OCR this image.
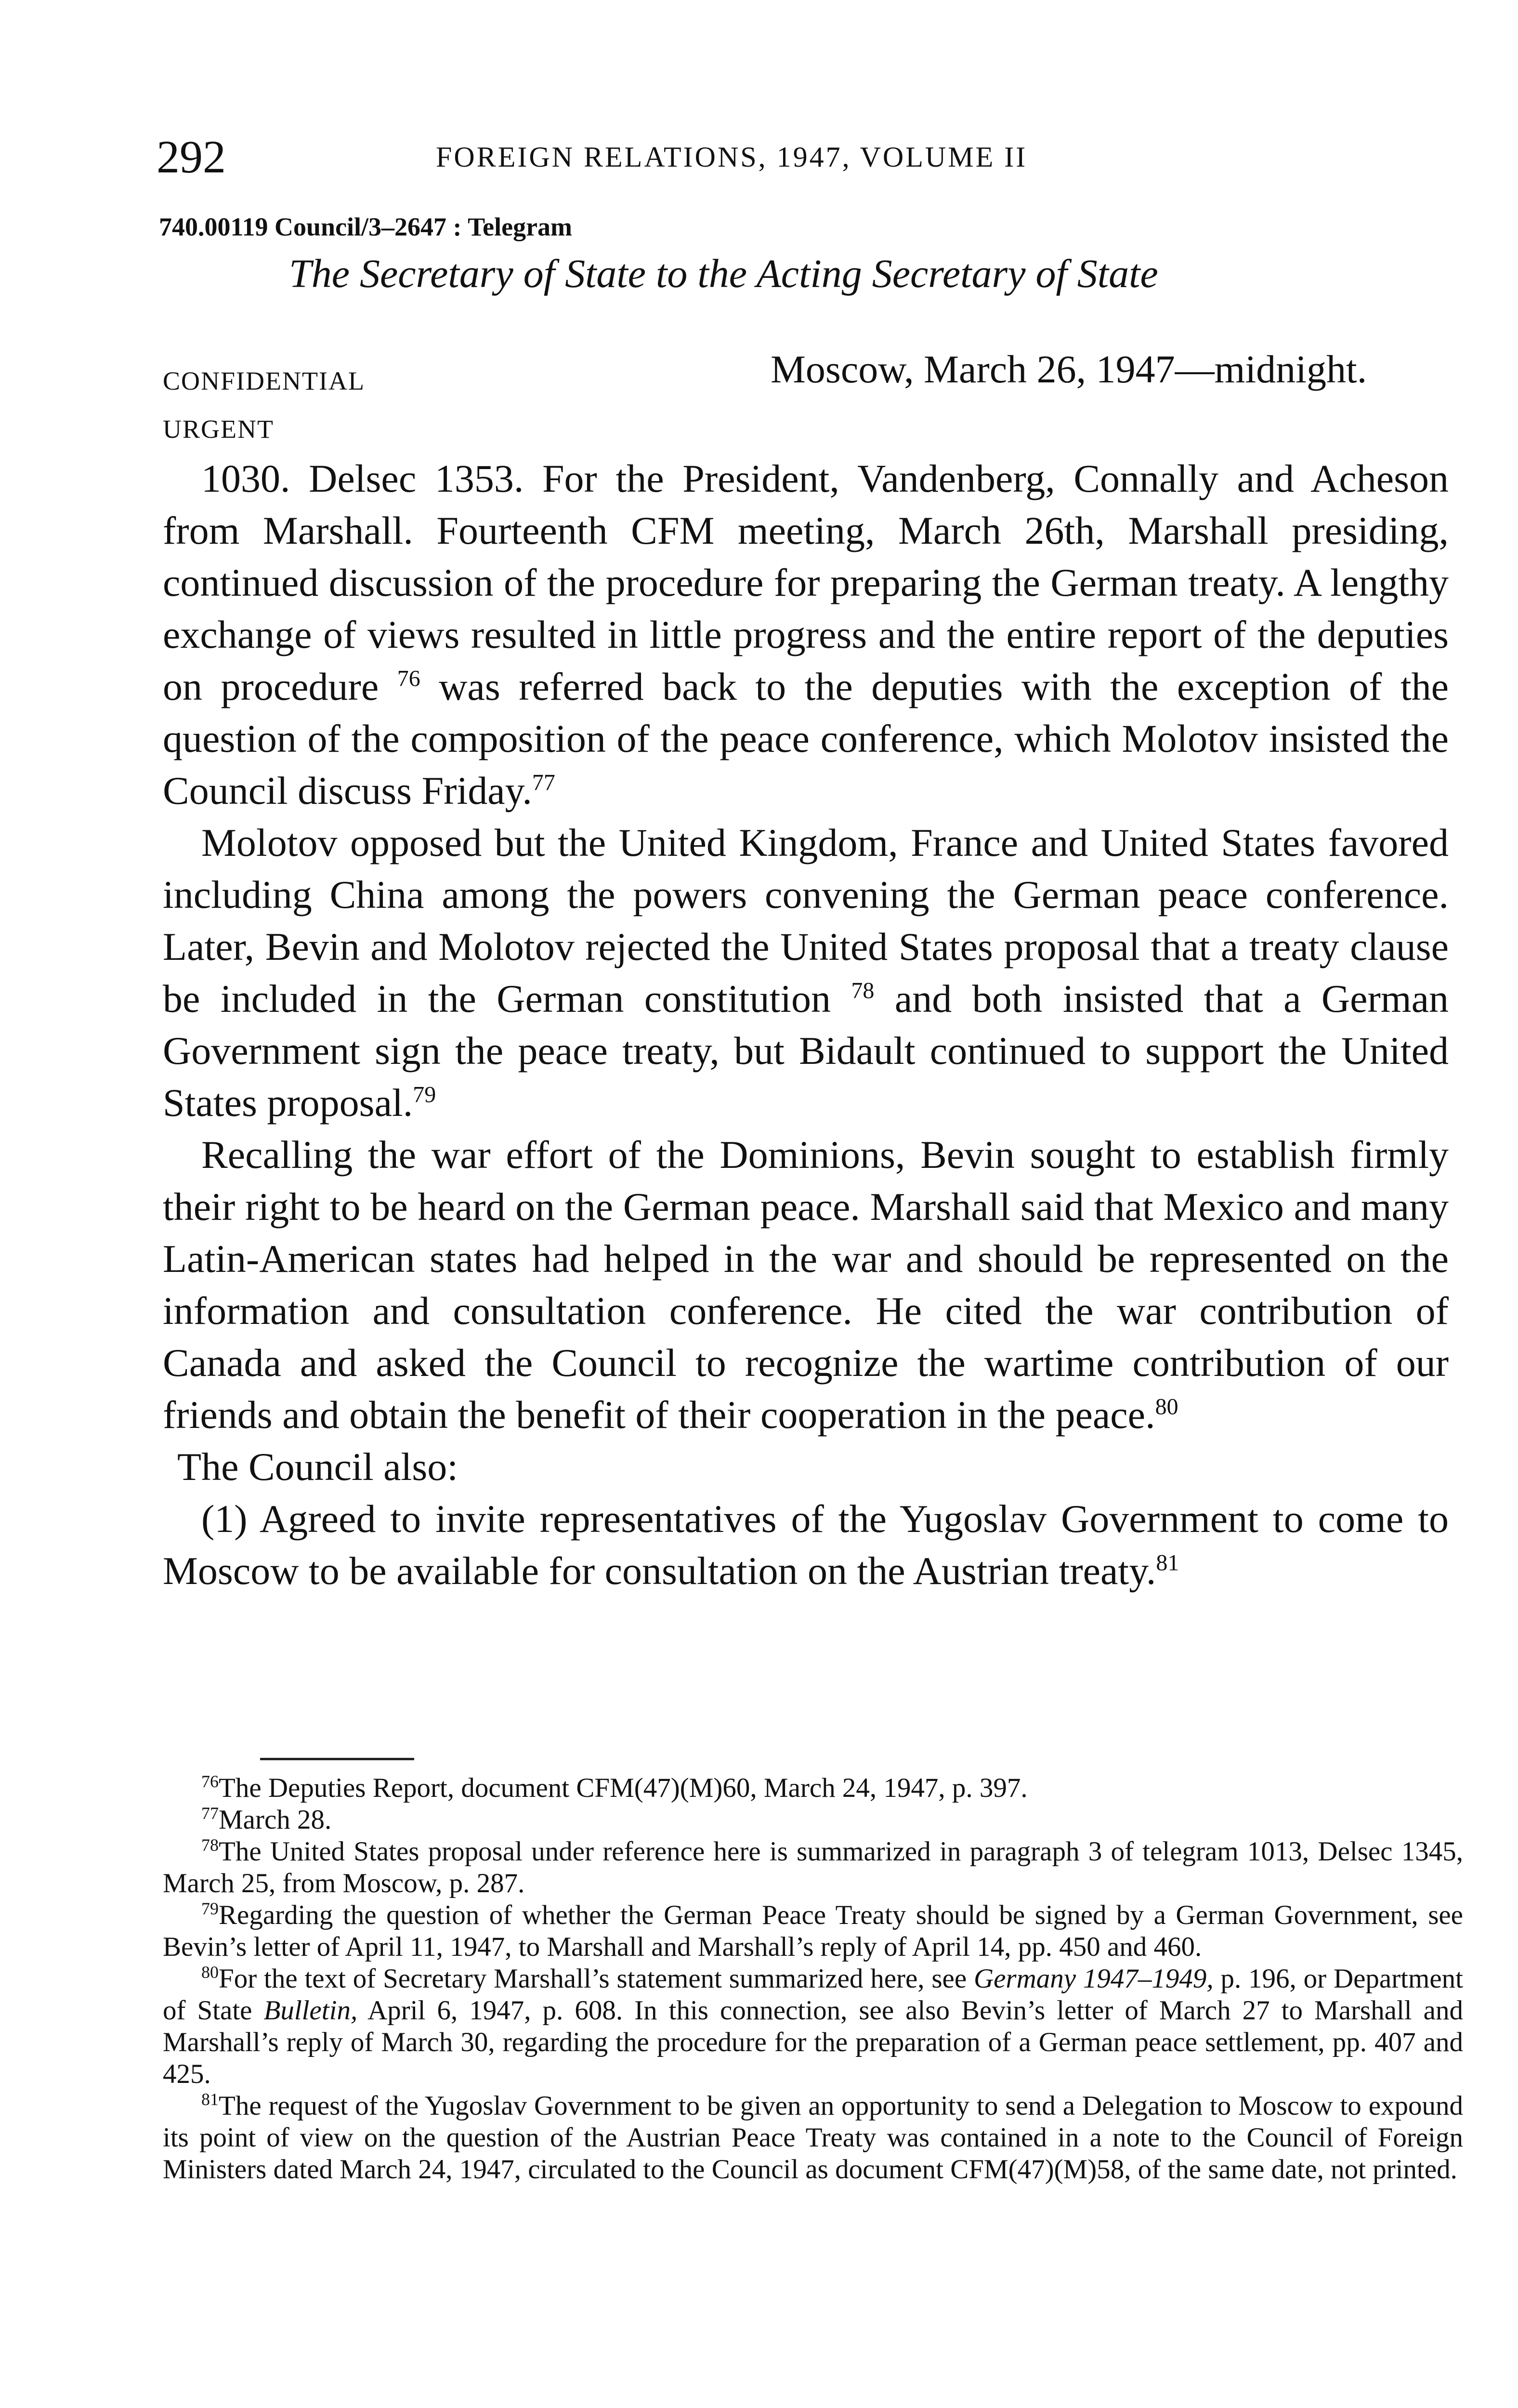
292	FOREIGN RELATIONS, 1947, VOLUME II
740.00119 Council/3–2647 : Telegram
The Secretary of State to the Acting Secretary of State
CONFIDENTIAL	Moscow, March 26, 1947—midnight.
URGENT

1030. Delsec 1353. For the President, Vandenberg, Connally and Acheson from Marshall. Fourteenth CFM meeting, March 26th, Marshall presiding, continued discussion of the procedure for preparing the German treaty. A lengthy exchange of views resulted in little progress and the entire report of the deputies on procedure $^{76}$ was referred back to the deputies with the exception of the question of the composition of the peace conference, which Molotov insisted the Council discuss Friday.$^{77}$

Molotov opposed but the United Kingdom, France and United States favored including China among the powers convening the German peace conference. Later, Bevin and Molotov rejected the United States proposal that a treaty clause be included in the German constitution $^{78}$ and both insisted that a German Government sign the peace treaty, but Bidault continued to support the United States proposal.$^{79}$

Recalling the war effort of the Dominions, Bevin sought to establish firmly their right to be heard on the German peace. Marshall said that Mexico and many Latin-American states had helped in the war and should be represented on the information and consultation conference. He cited the war contribution of Canada and asked the Council to recognize the wartime contribution of our friends and obtain the benefit of their cooperation in the peace.$^{80}$

The Council also:

(1) Agreed to invite representatives of the Yugoslav Government to come to Moscow to be available for consultation on the Austrian treaty.$^{81}$

$^{76}$The Deputies Report, document CFM(47)(M)60, March 24, 1947, p. 397.

$^{77}$March 28.

$^{78}$The United States proposal under reference here is summarized in paragraph 3 of telegram 1013, Delsec 1345, March 25, from Moscow, p. 287.

$^{79}$Regarding the question of whether the German Peace Treaty should be signed by a German Government, see Bevin’s letter of April 11, 1947, to Marshall and Marshall’s reply of April 14, pp. 450 and 460.

$^{80}$For the text of Secretary Marshall’s statement summarized here, see Germany 1947–1949, p. 196, or Department of State Bulletin, April 6, 1947, p. 608. In this connection, see also Bevin’s letter of March 27 to Marshall and Marshall’s reply of March 30, regarding the procedure for the preparation of a German peace settlement, pp. 407 and 425.

$^{81}$The request of the Yugoslav Government to be given an opportunity to send a Delegation to Moscow to expound its point of view on the question of the Austrian Peace Treaty was contained in a note to the Council of Foreign Ministers dated March 24, 1947, circulated to the Council as document CFM(47)(M)58, of the same date, not printed.
